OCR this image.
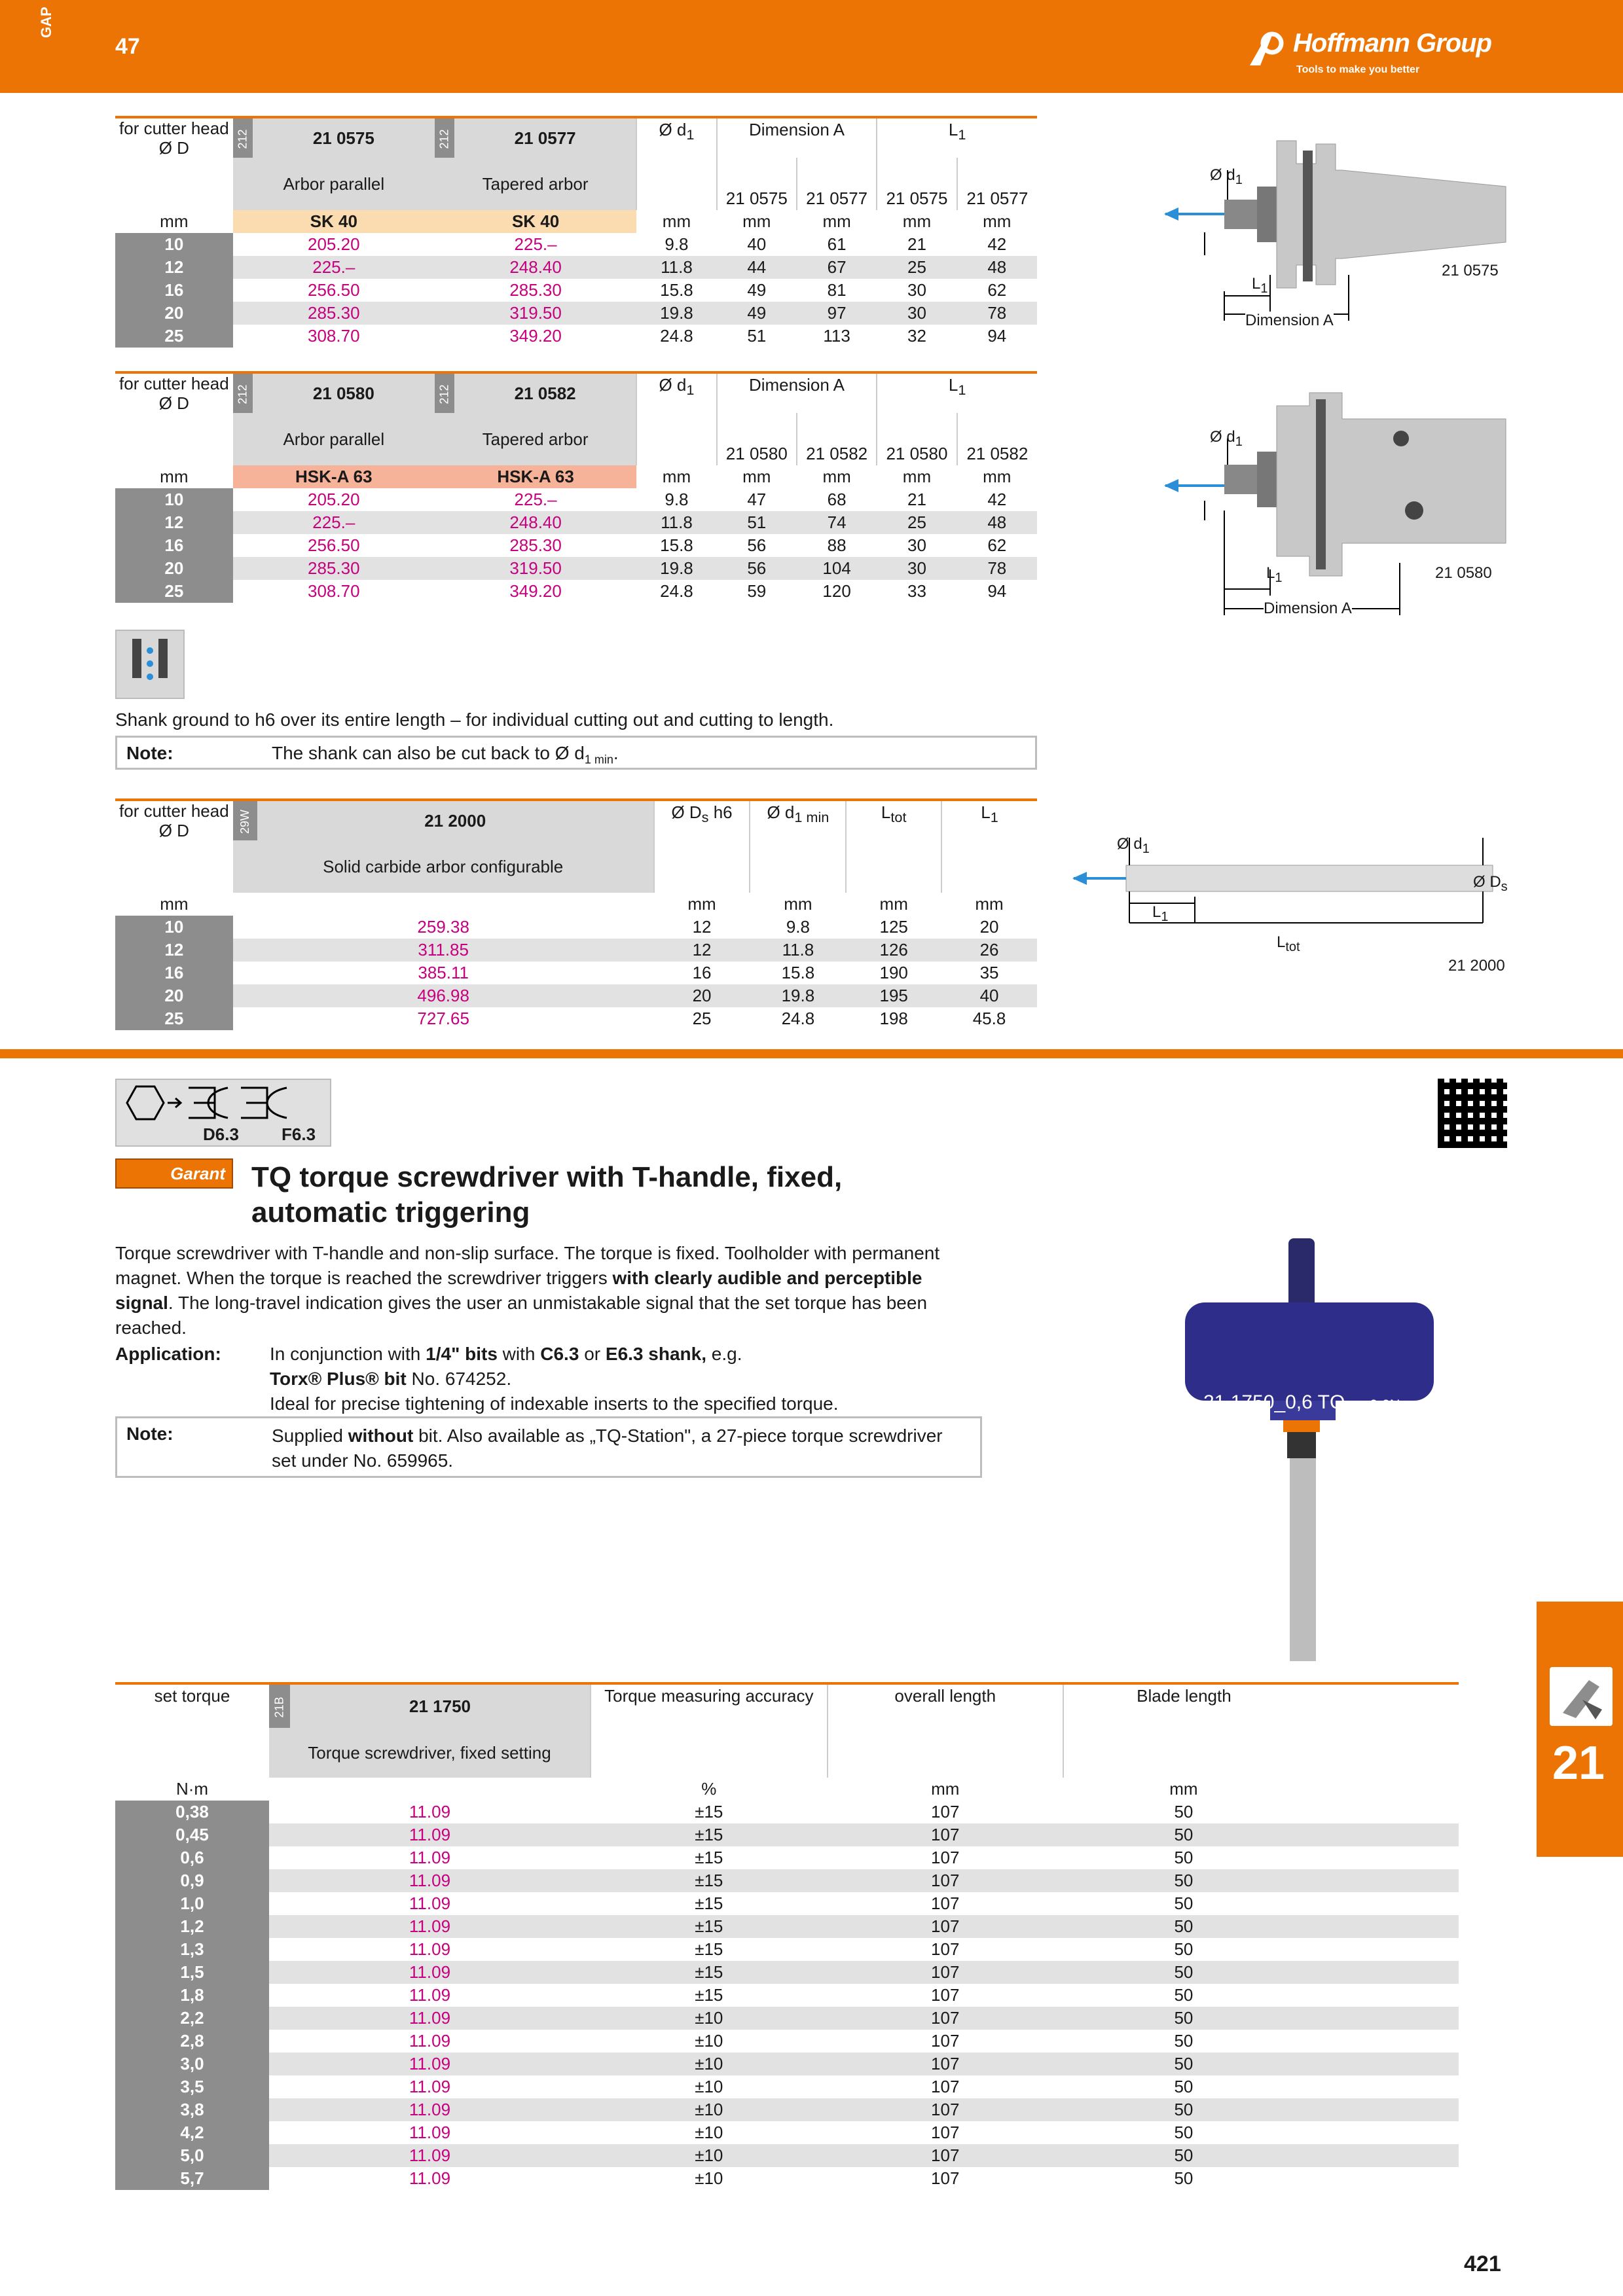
GAP
47	Hoffmann Group
Tools to make you better
for cutter head
Ø D	212	21 0575	212	21 0577	Ø $d_1$	Dimension A		$L_1$
	Arbor parallel		Tapered arbor			21 0575	21 0577	21 0575	21 0577
mm	SK 40		SK 40		mm	mm	mm	mm	mm
10	205.20		225.–		9.8	40	61	21	42
12	225.–		248.40		11.8	44	67	25	48
16	256.50		285.30		15.8	49	81	30	62
20	285.30		319.50		19.8	49	97	30	78
25	308.70		349.20		24.8	51	113	32	94
Ø $d_1$
$L_1$
Dimension A
21 0575
for cutter head
Ø D	212	21 0580	212	21 0582	Ø $d_1$	Dimension A		$L_1$
	Arbor parallel		Tapered arbor			21 0580	21 0582	21 0580	21 0582
mm	HSK-A 63		HSK-A 63		mm	mm	mm	mm	mm
10	205.20		225.–		9.8	47	68	21	42
12	225.–		248.40		11.8	51	74	25	48
16	256.50		285.30		15.8	56	88	30	62
20	285.30		319.50		19.8	56	104	30	78
25	308.70		349.20		24.8	59	120	33	94
Ø $d_1$
$L_1$
Dimension A
21 0580
Shank ground to h6 over its entire length – for individual cutting out and cutting to length.
Note:	The shank can also be cut back to Ø $d_{1 min}$.
for cutter head
Ø D	29W	21 2000	Ø $D_s$ h6	Ø $d_{1 min}$	$L_{tot}$	$L_1$
	Solid carbide arbor configurable					
mm			mm	mm	mm	mm
10	259.38		12	9.8	125	20
12	311.85		12	11.8	126	26
16	385.11		16	15.8	190	35
20	496.98		20	19.8	195	40
25	727.65		25	24.8	198	45.8
Ø $d_1$
Ø $D_s$
$L_1$
$L_{tot}$
21 2000
D6.3	F6.3
Garant TQ torque screwdriver with T-handle, fixed,
automatic triggering
Torque screwdriver with T-handle and non-slip surface. The torque is fixed. Toolholder with permanent
magnet. When the torque is reached the screwdriver triggers with clearly audible and perceptible
signal. The long-travel indication gives the user an unmistakable signal that the set torque has been
reached.
Application:	In conjunction with 1/4" bits with C6.3 or E6.3 shank, e.g.
Torx® Plus® bit No. 674252.
Ideal for precise tightening of indexable inserts to the specified torque.
Note:	Supplied without bit. Also available as „TQ-Station", a 27-piece torque screwdriver
set under No. 659965.
21 1750_0,6 TQ 0,6Nm
set torque	21B	21 1750	Torque measuring accuracy	overall length	Blade length	
	Torque screwdriver, fixed setting					
N·m			%	mm	mm	
0,38	11.09		±15	107	50	
0,45	11.09		±15	107	50	
0,6	11.09		±15	107	50	
0,9	11.09		±15	107	50	
1,0	11.09		±15	107	50	
1,2	11.09		±15	107	50	
1,3	11.09		±15	107	50	
1,5	11.09		±15	107	50	
1,8	11.09		±15	107	50	
2,2	11.09		±10	107	50	
2,8	11.09		±10	107	50	
3,0	11.09		±10	107	50	
3,5	11.09		±10	107	50	
3,8	11.09		±10	107	50	
4,2	11.09		±10	107	50	
5,0	11.09		±10	107	50	
5,7	11.09		±10	107	50	
21
421
